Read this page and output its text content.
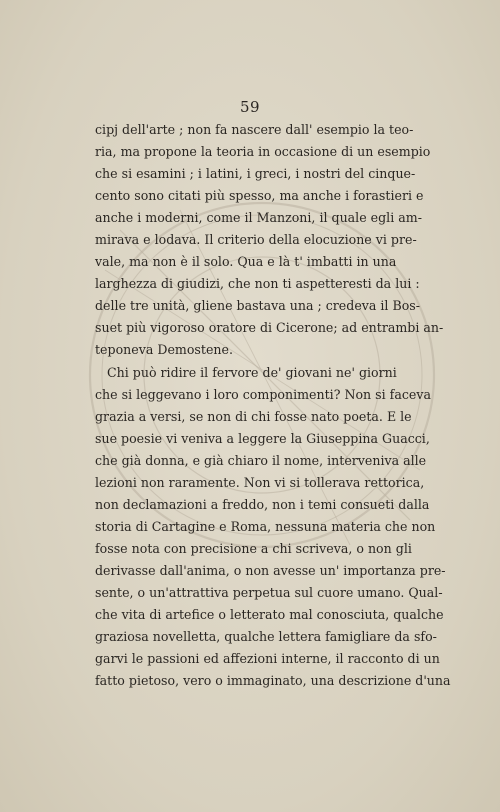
59

cipj dell'arte ; non fa nascere dall' esempio la teo-
ria, ma propone la teoria in occasione di un esempio
che si esamini ; i latini, i greci, i nostri del cinque-
cento sono citati più spesso, ma anche i forastieri e
anche i moderni, come il Manzoni, il quale egli am-
mirava e lodava. Il criterio della elocuzione vi pre-
vale, ma non è il solo. Qua e là t' imbatti in una
larghezza di giudizi, che non ti aspetteresti da lui :
delle tre unità, gliene bastava una ; credeva il Bos-
suet più vigoroso oratore di Cicerone; ad entrambi an-
teponeva Demostene.

Chi può ridire il fervore de' giovani ne' giorni
che si leggevano i loro componimenti? Non si faceva
grazia a versi, se non di chi fosse nato poeta. E le
sue poesie vi veniva a leggere la Giuseppina Guacci,
che già donna, e già chiaro il nome, interveniva alle
lezioni non raramente. Non vi si tollerava rettorica,
non declamazioni a freddo, non i temi consueti dalla
storia di Cartagine e Roma, nessuna materia che non
fosse nota con precisione a chi scriveva, o non gli
derivasse dall'anima, o non avesse un' importanza pre-
sente, o un'attrattiva perpetua sul cuore umano. Qual-
che vita di artefice o letterato mal conosciuta, qualche
graziosa novelletta, qualche lettera famigliare da sfo-
garvi le passioni ed affezioni interne, il racconto di un
fatto pietoso, vero o immaginato, una descrizione d'una
